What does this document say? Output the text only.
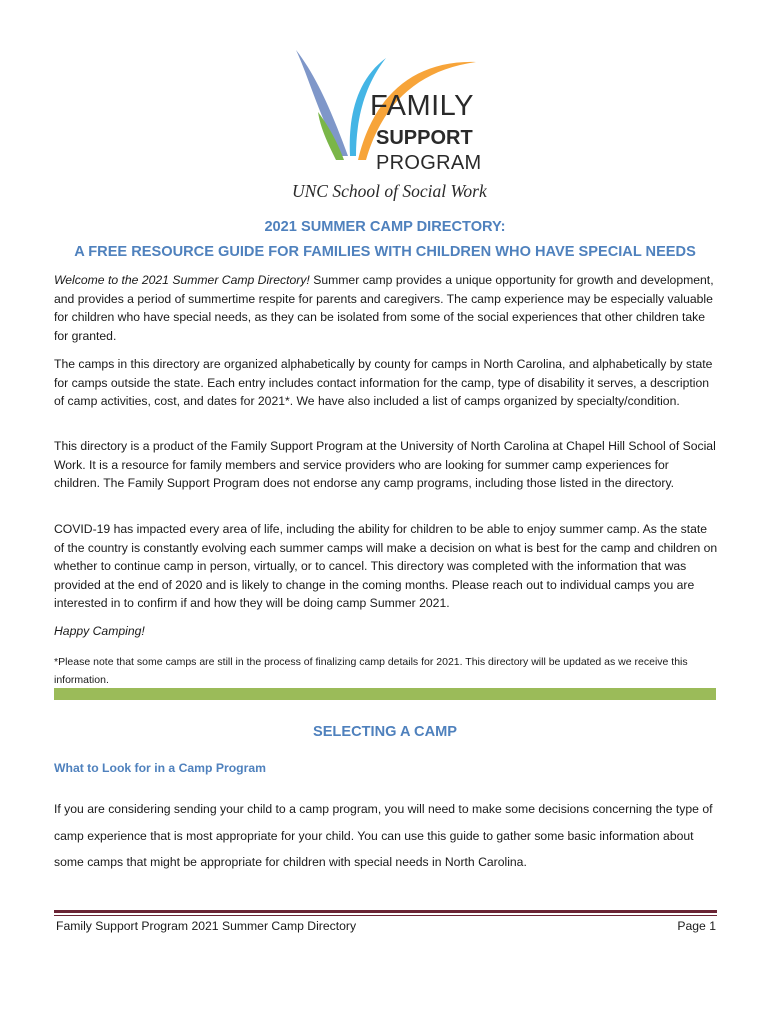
FAMILY
SUPPORT
PROGRAM
UNC School of Social Work
2021 SUMMER CAMP DIRECTORY:
A FREE RESOURCE GUIDE FOR FAMILIES WITH CHILDREN WHO HAVE SPECIAL NEEDS

Welcome to the 2021 Summer Camp Directory! Summer camp provides a unique opportunity for growth and development, and provides a period of summertime respite for parents and caregivers. The camp experience may be especially valuable for children who have special needs, as they can be isolated from some of the social experiences that other children take for granted.

The camps in this directory are organized alphabetically by county for camps in North Carolina, and alphabetically by state for camps outside the state. Each entry includes contact information for the camp, type of disability it serves, a description of camp activities, cost, and dates for 2021*. We have also included a list of camps organized by specialty/condition.

This directory is a product of the Family Support Program at the University of North Carolina at Chapel Hill School of Social Work. It is a resource for family members and service providers who are looking for summer camp experiences for children. The Family Support Program does not endorse any camp programs, including those listed in the directory.

COVID-19 has impacted every area of life, including the ability for children to be able to enjoy summer camp. As the state of the country is constantly evolving each summer camps will make a decision on what is best for the camp and children on whether to continue camp in person, virtually, or to cancel. This directory was completed with the information that was provided at the end of 2020 and is likely to change in the coming months. Please reach out to individual camps you are interested in to confirm if and how they will be doing camp Summer 2021.

Happy Camping!

*Please note that some camps are still in the process of finalizing camp details for 2021. This directory will be updated as we receive this information.

SELECTING A CAMP
What to Look for in a Camp Program

If you are considering sending your child to a camp program, you will need to make some decisions concerning the type of camp experience that is most appropriate for your child. You can use this guide to gather some basic information about some camps that might be appropriate for children with special needs in North Carolina.

Family Support Program 2021 Summer Camp Directory	Page 1
